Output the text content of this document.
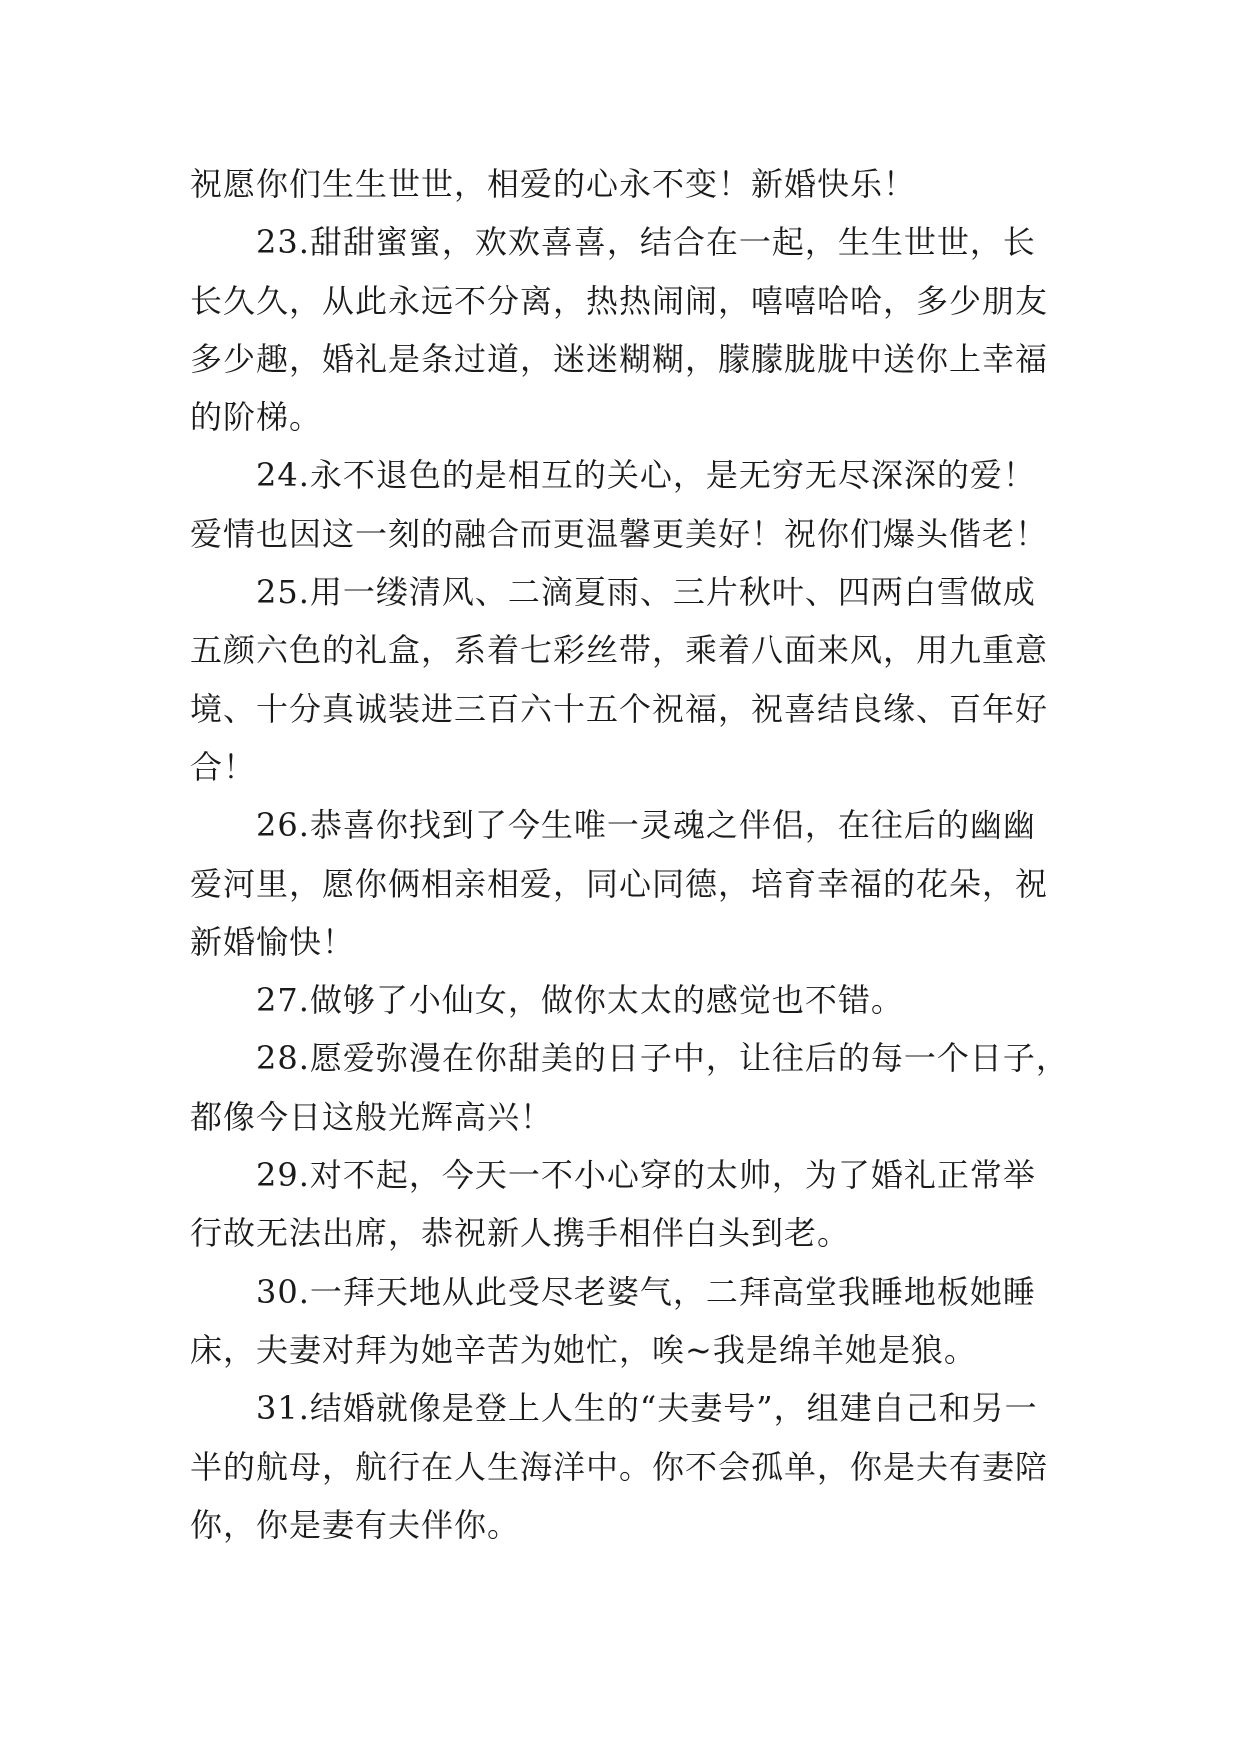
祝愿你们生生世世，相爱的心永不变！新婚快乐！
23.甜甜蜜蜜，欢欢喜喜，结合在一起，生生世世，长
长久久，从此永远不分离，热热闹闹，嘻嘻哈哈，多少朋友
多少趣，婚礼是条过道，迷迷糊糊，朦朦胧胧中送你上幸福
的阶梯。
24.永不退色的是相互的关心，是无穷无尽深深的爱！
爱情也因这一刻的融合而更温馨更美好！祝你们爆头偕老！
25.用一缕清风、二滴夏雨、三片秋叶、四两白雪做成
五颜六色的礼盒，系着七彩丝带，乘着八面来风，用九重意
境、十分真诚装进三百六十五个祝福，祝喜结良缘、百年好
合！
26.恭喜你找到了今生唯一灵魂之伴侣，在往后的幽幽
爱河里，愿你俩相亲相爱，同心同德，培育幸福的花朵，祝
新婚愉快！
27.做够了小仙女，做你太太的感觉也不错。
28.愿爱弥漫在你甜美的日子中，让往后的每一个日子，
都像今日这般光辉高兴！
29.对不起，今天一不小心穿的太帅，为了婚礼正常举
行故无法出席，恭祝新人携手相伴白头到老。
30.一拜天地从此受尽老婆气，二拜高堂我睡地板她睡
床，夫妻对拜为她辛苦为她忙，唉~我是绵羊她是狼。
31.结婚就像是登上人生的“夫妻号”，组建自己和另一
半的航母，航行在人生海洋中。你不会孤单，你是夫有妻陪
你，你是妻有夫伴你。
